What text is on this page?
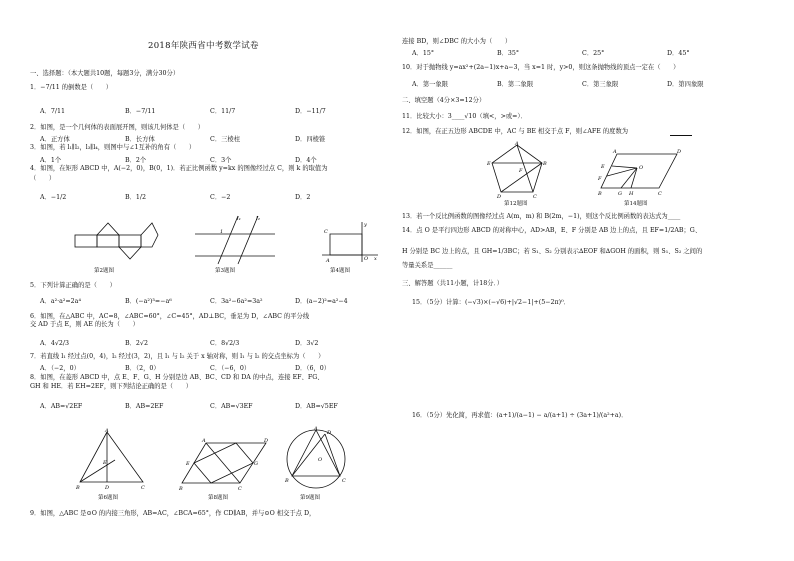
2018年陕西省中考数学试卷
一、选择题：（本大题共10题，每题3分，满分30分）
1．−7/11 的倒数是（　　）
A．7/11	B．−7/11	C．11/7	D．−11/7
2．如图，是一个几何体的表面展开图，则该几何体是（　　）
A．正方体	B．长方体	C．三棱柱	D．四棱锥
3．如图，若 l₁∥l₂，l₃∥l₄，则图中与∠1互补的角有（　　）
A．1个	B．2个	C．3个	D．4个
4．如图，在矩形 ABCD 中，A(−2，0)，B(0，1)．若正比例函数 y=kx 的图像经过点 C，则 k 的取值为
（　　）
A．−1/2	B．1/2	C．−2	D．2
第2题图
l₁	l₂
1
第3题图
C
A	O x
y
第4题图
5．下列计算正确的是（　　）
A．a²·a²=2a⁴	B．(−a²)³=−a⁶	C．3a²−6a²=3a²	D．(a−2)²=a²−4
6．如图，在△ABC 中，AC=8，∠ABC=60°，∠C=45°，AD⊥BC，垂足为 D，∠ABC 的平分线
交 AD 于点 E，则 AE 的长为（　　）
A．4√2/3	B．2√2	C．8√2/3	D．3√2
7．若直线 l₁ 经过点(0，4)，l₂ 经过(3，2)，且 l₁ 与 l₂ 关于 x 轴对称，则 l₁ 与 l₂ 的交点坐标为（　　）
A．（−2，0）	B．（2，0）	C．（−6，0）	D．（6，0）
8．如图，在菱形 ABCD 中，点 E、F、G、H 分别是边 AB、BC、CD 和 DA 的中点，连接 EF、FG、
GH 和 HE．若 EH=2EF，则下列结论正确的是（　　）
A．AB=√2EF	B．AB=2EF	C．AB=√3EF	D．AB=√5EF
A
B	D	C
E
第6题图
A
E
B	C
D
G
第8题图
A
B	C
D
O
第9题图
9．如图，△ABC 是⊙O 的内接三角形，AB=AC，∠BCA=65°，作 CD∥AB，并与⊙O 相交于点 D，
连接 BD，则∠DBC 的大小为（　　）
A．15°	B．35°	C．25°	D．45°
10．对于抛物线 y=ax²+(2a−1)x+a−3，当 x=1 时，y>0，则这条抛物线的顶点一定在（　　）
A．第一象限	B．第二象限	C．第三象限	D．第四象限
二、填空题（4分×3=12分）
11．比较大小：3____√10（填<，>或=）．
12．如图，在正五边形 ABCDE 中，AC 与 BE 相交于点 F，则∠AFE 的度数为
A
E	B
D	C
F
第12题图
A	D
E
F
O
B	G H	C
第14题图
13．若一个反比例函数的图像经过点 A(m，m) 和 B(2m，−1)，则这个反比例函数的表达式为____
14．点 O 是平行四边形 ABCD 的对称中心，AD>AB，E、F 分别是 AB 边上的点，且 EF=1/2AB；G、
H 分别是 BC 边上的点，且 GH=1/3BC；若 S₁、S₂ 分别表示∆EOF 和∆GOH 的面积，则 S₁、S₂ 之间的
等量关系是______
三、解答题（共11小题，计18分．）
15．（5分）计算：(−√3)×(−√6)+|√2−1|+(5−2π)⁰．
16．（5分）先化简，再求值：(a+1)/(a−1) − a/(a+1) ÷ (3a+1)/(a²+a)．
